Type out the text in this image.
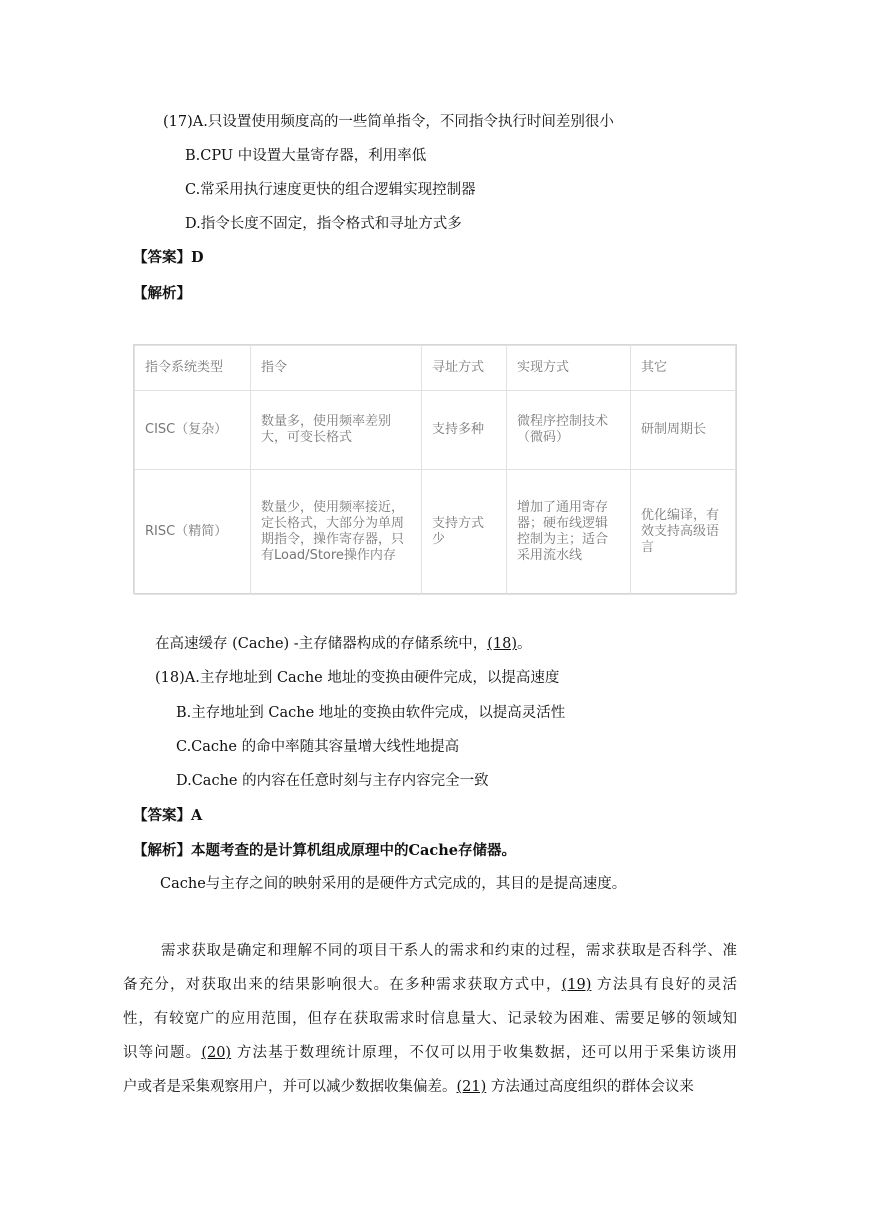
(17)A.只设置使用频度高的一些简单指令，不同指令执行时间差别很小
B.CPU 中设置大量寄存器，利用率低
C.常采用执行速度更快的组合逻辑实现控制器
D.指令长度不固定，指令格式和寻址方式多
【答案】D
【解析】
指令系统类型	指令	寻址方式	实现方式	其它
CISC（复杂）	数量多，使用频率差别大，可变长格式	支持多种	微程序控制技术（微码）	研制周期长
RISC（精简）	数量少，使用频率接近，定长格式，大部分为单周期指令，操作寄存器，只有Load/Store操作内存	支持方式少	增加了通用寄存器；硬布线逻辑控制为主；适合采用流水线	优化编译，有效支持高级语言
在高速缓存 (Cache) -主存储器构成的存储系统中，(18)。
(18)A.主存地址到 Cache 地址的变换由硬件完成，以提高速度
B.主存地址到 Cache 地址的变换由软件完成，以提高灵活性
C.Cache 的命中率随其容量增大线性地提高
D.Cache 的内容在任意时刻与主存内容完全一致
【答案】A
【解析】本题考查的是计算机组成原理中的Cache存储器。
Cache与主存之间的映射采用的是硬件方式完成的，其目的是提高速度。

需求获取是确定和理解不同的项目干系人的需求和约束的过程，需求获取是否科学、准

备充分，对获取出来的结果影响很大。在多种需求获取方式中，(19) 方法具有良好的灵活

性，有较宽广的应用范围，但存在获取需求时信息量大、记录较为困难、需要足够的领域知

识等问题。(20) 方法基于数理统计原理，不仅可以用于收集数据，还可以用于采集访谈用

户或者是采集观察用户，并可以减少数据收集偏差。(21) 方法通过高度组织的群体会议来
